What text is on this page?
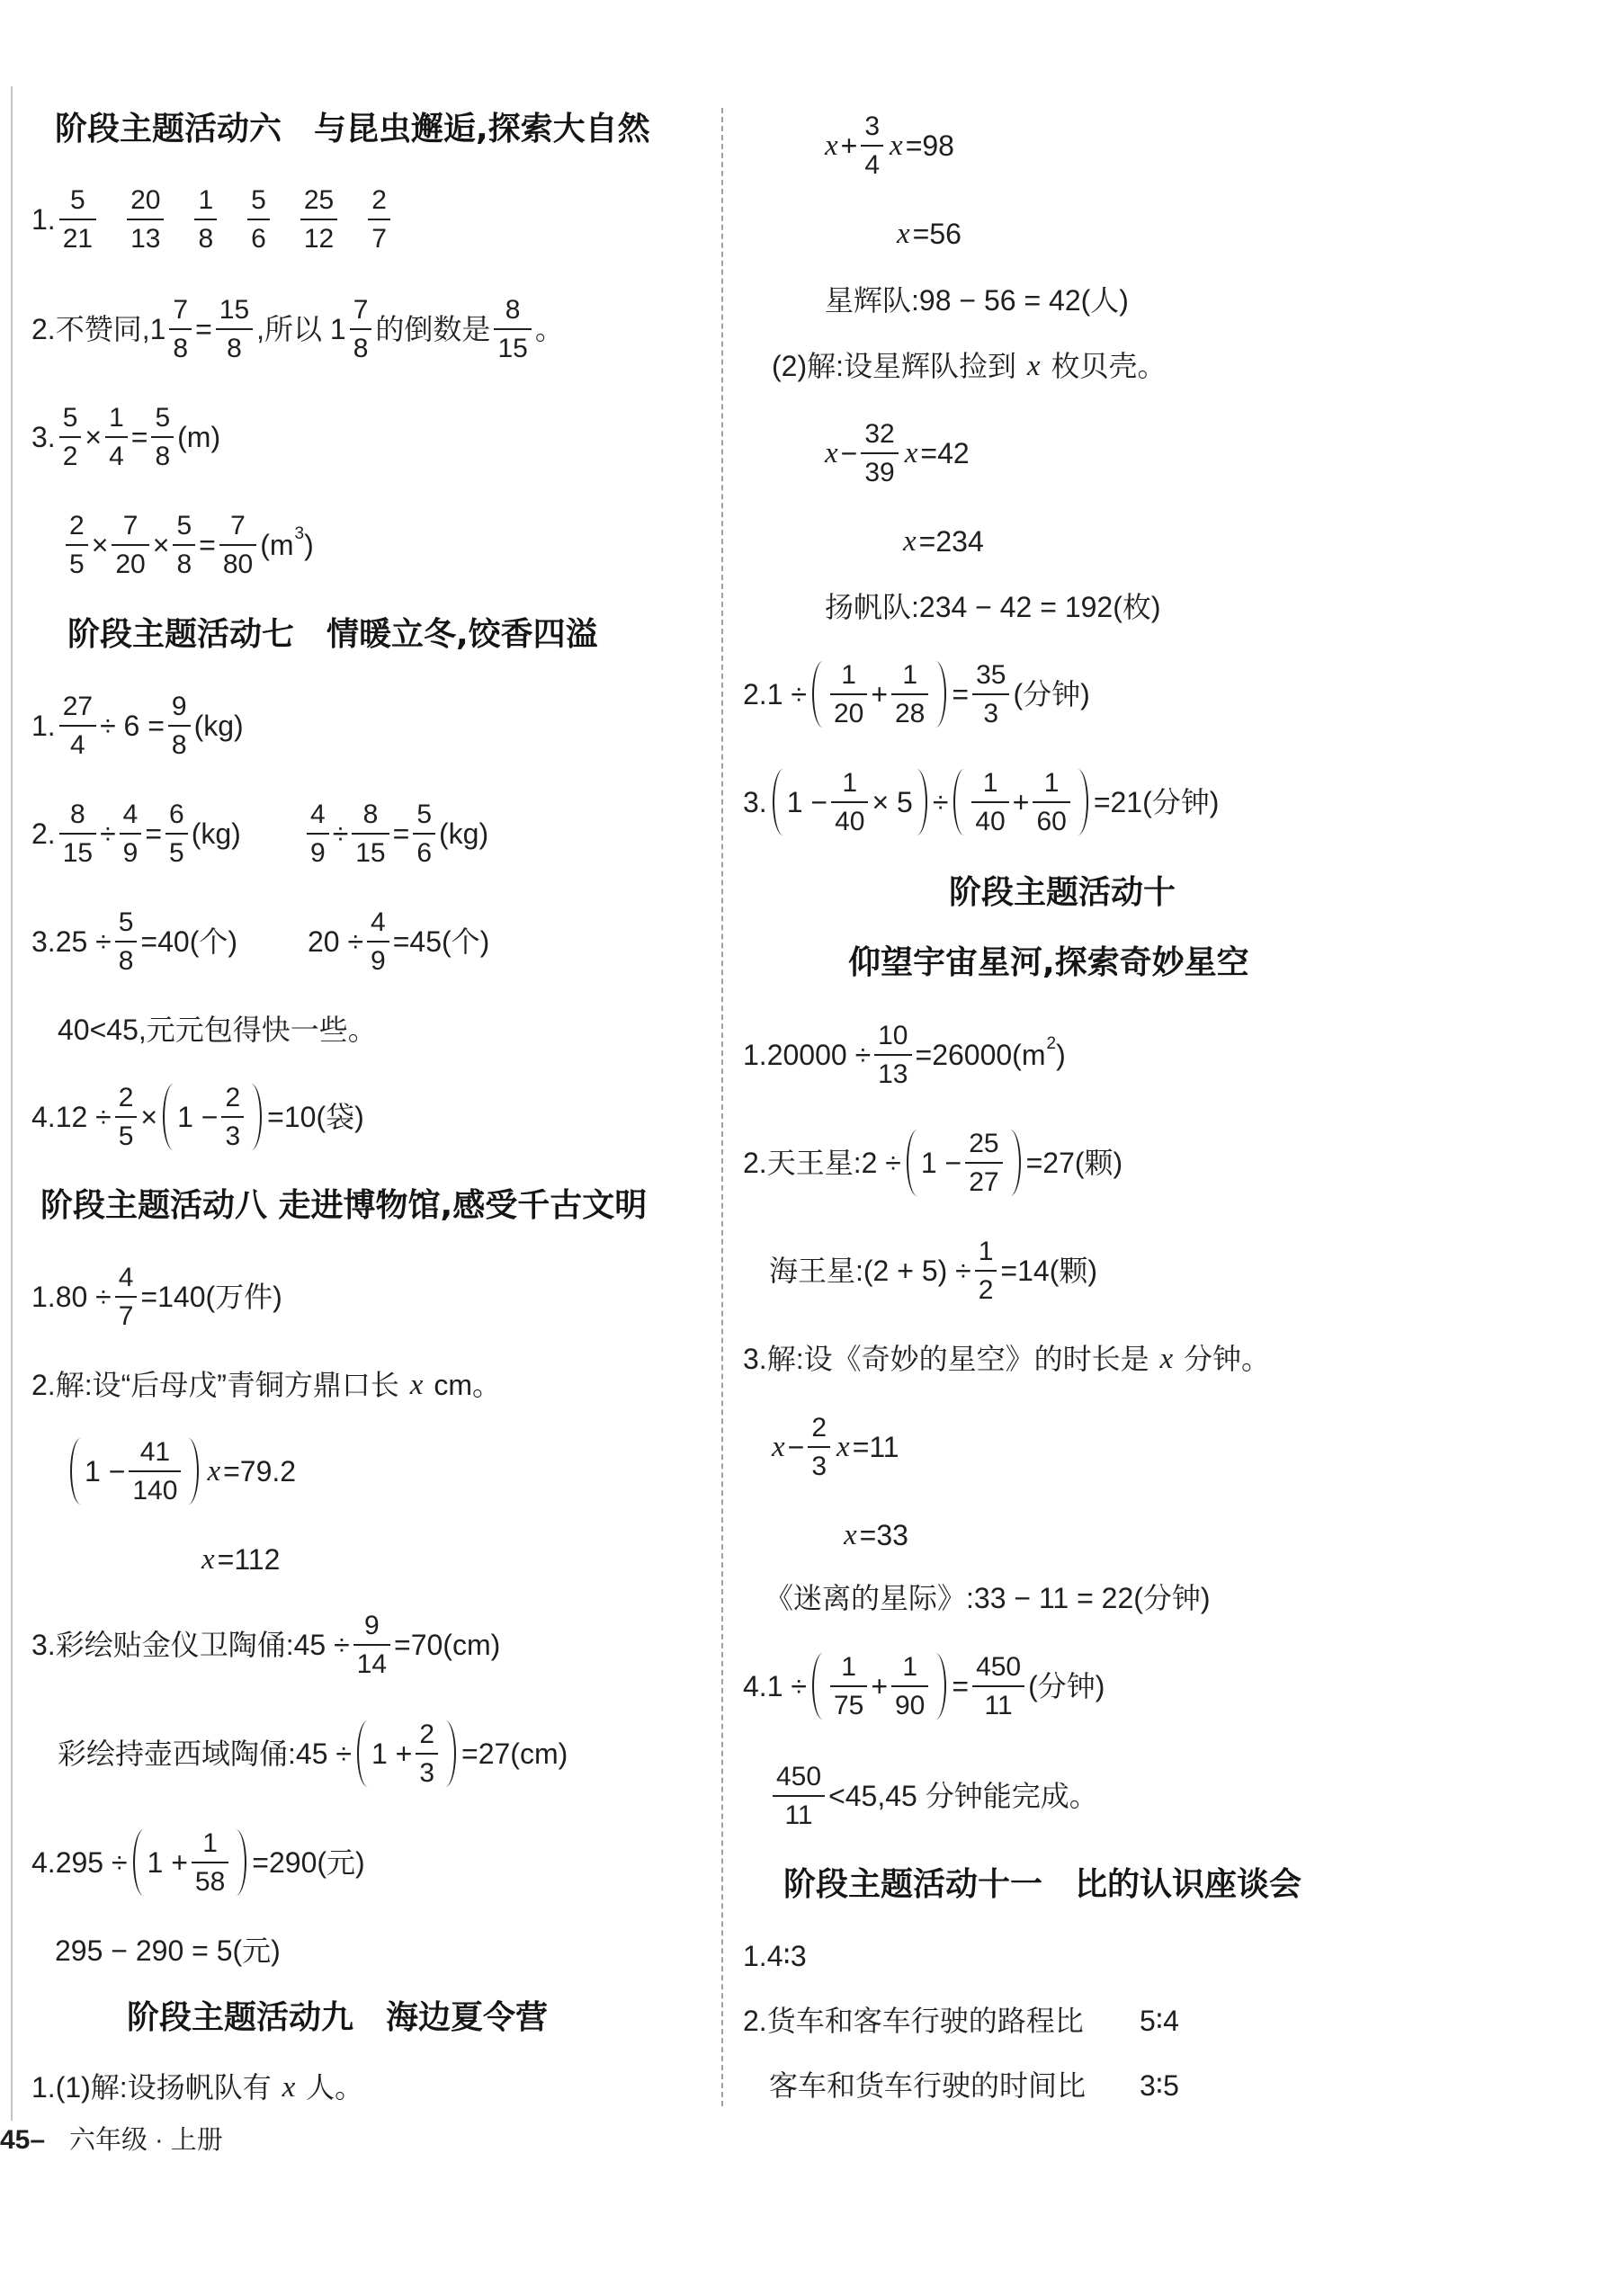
阶段主题活动六　与昆虫邂逅,探索大自然
1. $\frac{5}{21} \frac{20}{13} \frac{1}{8} \frac{5}{6} \frac{25}{12} \frac{2}{7}$
2.不赞同$,1 \frac{7}{8} = \frac{15}{8}$ ,所以 $1 \frac{7}{8}$ 的倒数是 $\frac{8}{15}$ 。
3. $\frac{5}{2} \times \frac{1}{4} = \frac{5}{8} (m)$
$\frac{2}{5} \times \frac{7}{20} \times \frac{5}{8} = \frac{7}{80} (m$ 3 )
阶段主题活动七　情暖立冬,饺香四溢
1. $\frac{27}{4} \div 6 = \frac{9}{8} (kg)$
2. $\frac{8}{15} \div \frac{4}{9} = \frac{6}{5} (kg) \frac{4}{9} \div \frac{8}{15} = \frac{5}{6} (kg)$
$3.25 \div \frac{5}{8} =40$(个) $20 \div \frac{4}{9} =45$(个)
40<45,元元包得快一些。
$4.12 \div \frac{2}{5} \times 1 - \frac{2}{3} =10$(袋)
阶段主题活动八 走进博物馆,感受千古文明
$1.80 \div \frac{4}{7} =140$(万件)
2.解:设“后母戊”青铜方鼎口长 x cm。
$1 - \frac{41}{140}$ x =79.2
x =112
3.彩绘贴金仪卫陶俑:45 ÷ $\frac{9}{14} =70(cm)$
彩绘持壶西域陶俑:45 ÷ $1 + \frac{2}{3} =27(cm)$
$4.295 \div 1 + \frac{1}{58} =290$(元)
295 − 290 = 5(元)
阶段主题活动九　海边夏令营
1.(1)解:设扬帆队有 x 人。
$x + \frac{3}{4}$ x =98
x =56
星辉队:98 − 56 = 42(人)
(2)解:设星辉队捡到 x 枚贝壳。
$x - \frac{32}{39}$ x =42
x =234
扬帆队:234 − 42 = 192(枚)
$2.1 \div \frac{1}{20} + \frac{1}{28} = \frac{35}{3}$ (分钟)
3. $1 - \frac{1}{40} \times 5 \div \frac{1}{40} + \frac{1}{60} =21$(分钟)
阶段主题活动十
仰望宇宙星河,探索奇妙星空
$1.20000 \div \frac{10}{13} =26000(m$ 2 )
2.天王星:2 ÷ $1 - \frac{25}{27} =27$(颗)
海王星:(2 + $5) \div \frac{1}{2} =14$(颗)
3.解:设《奇妙的星空》的时长是 x 分钟。
$x - \frac{2}{3}$ x =11
x =33
《迷离的星际》:33 − 11 = 22(分钟)
$4.1 \div \frac{1}{75} + \frac{1}{90} = \frac{450}{11}$ (分钟)
$\frac{450}{11} <45,45$ 分钟能完成。
阶段主题活动十一　比的认识座谈会
1.4∶3
2.货车和客车行驶的路程比 5∶4
客车和货车行驶的时间比 3∶5
45– 六年级 · 上册
